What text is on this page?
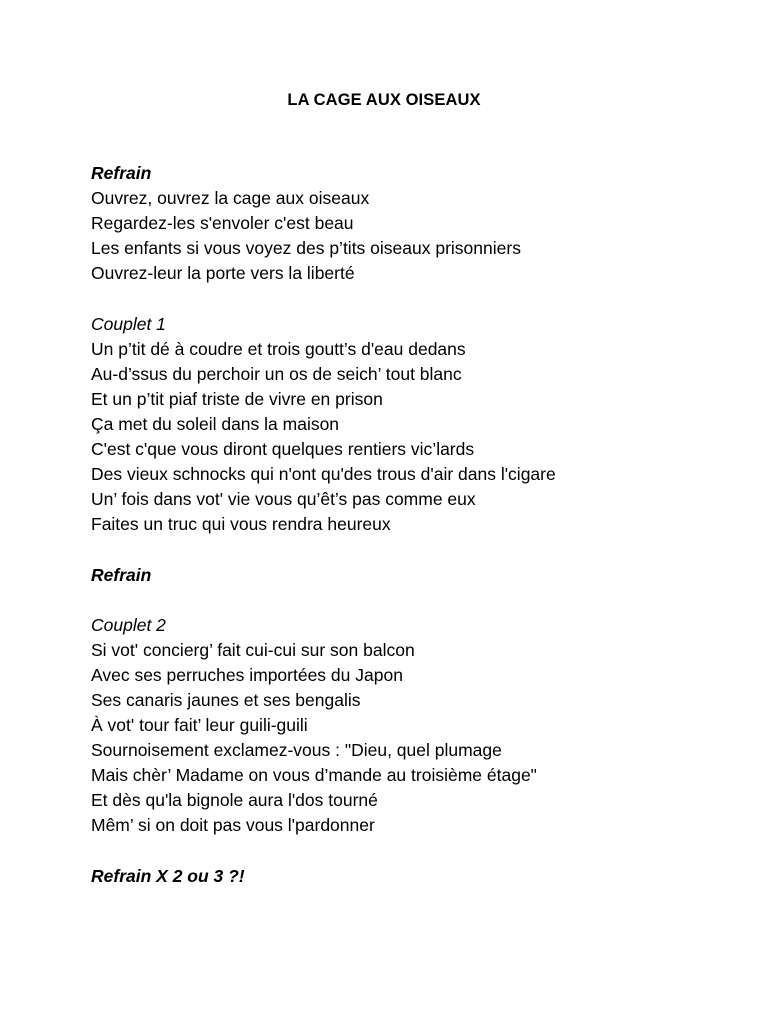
LA CAGE AUX OISEAUX
Refrain
Ouvrez, ouvrez la cage aux oiseaux
Regardez-les s'envoler c'est beau
Les enfants si vous voyez des p’tits oiseaux prisonniers
Ouvrez-leur la porte vers la liberté
Couplet 1
Un p’tit dé à coudre et trois goutt’s d'eau dedans
Au-d’ssus du perchoir un os de seich’ tout blanc
Et un p’tit piaf triste de vivre en prison
Ça met du soleil dans la maison
C'est c'que vous diront quelques rentiers vic’lards
Des vieux schnocks qui n'ont qu'des trous d'air dans l'cigare
Un’ fois dans vot' vie vous qu’êt’s pas comme eux
Faites un truc qui vous rendra heureux
Refrain
Couplet 2
Si vot' concierg’ fait cui-cui sur son balcon
Avec ses perruches importées du Japon
Ses canaris jaunes et ses bengalis
À vot' tour fait’ leur guili-guili
Sournoisement exclamez-vous : "Dieu, quel plumage
Mais chèr’ Madame on vous d’mande au troisième étage"
Et dès qu'la bignole aura l'dos tourné
Mêm’ si on doit pas vous l'pardonner
Refrain X 2 ou 3 ?!
